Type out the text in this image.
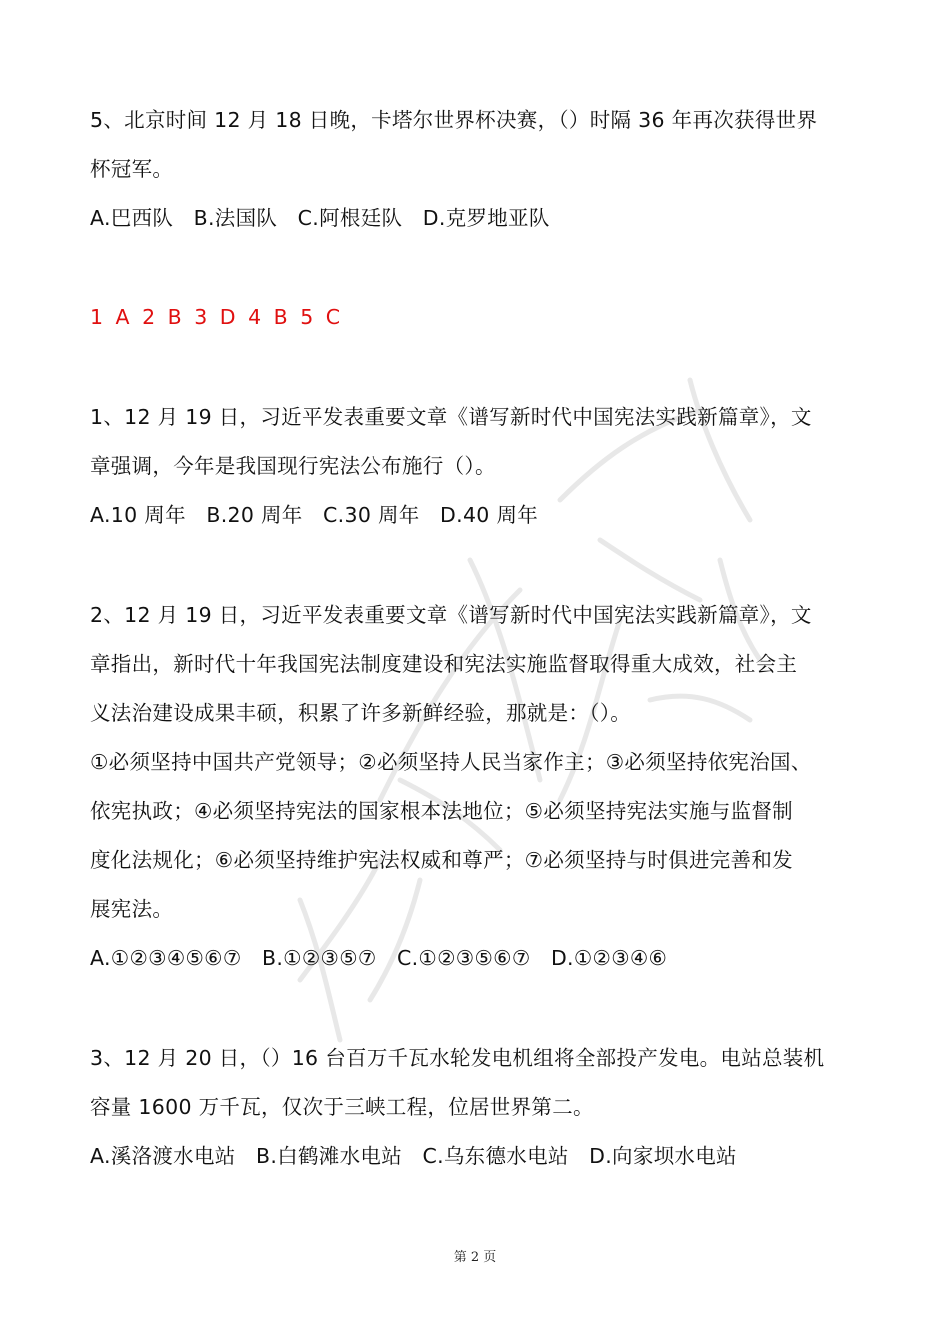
5、北京时间 12 月 18 日晚，卡塔尔世界杯决赛，（）时隔 36 年再次获得世界
杯冠军。
A.巴西队   B.法国队   C.阿根廷队   D.克罗地亚队
1 A 2 B 3 D 4 B 5 C
1、12 月 19 日，习近平发表重要文章《谱写新时代中国宪法实践新篇章》，文
章强调，今年是我国现行宪法公布施行（）。
A.10 周年   B.20 周年   C.30 周年   D.40 周年
2、12 月 19 日，习近平发表重要文章《谱写新时代中国宪法实践新篇章》，文
章指出，新时代十年我国宪法制度建设和宪法实施监督取得重大成效，社会主
义法治建设成果丰硕，积累了许多新鲜经验，那就是：（）。
①必须坚持中国共产党领导；②必须坚持人民当家作主；③必须坚持依宪治国、
依宪执政；④必须坚持宪法的国家根本法地位；⑤必须坚持宪法实施与监督制
度化法规化；⑥必须坚持维护宪法权威和尊严；⑦必须坚持与时俱进完善和发
展宪法。
A.①②③④⑤⑥⑦   B.①②③⑤⑦   C.①②③⑤⑥⑦   D.①②③④⑥
3、12 月 20 日，（）16 台百万千瓦水轮发电机组将全部投产发电。电站总装机
容量 1600 万千瓦，仅次于三峡工程，位居世界第二。
A.溪洛渡水电站   B.白鹤滩水电站   C.乌东德水电站   D.向家坝水电站
第 2 页
